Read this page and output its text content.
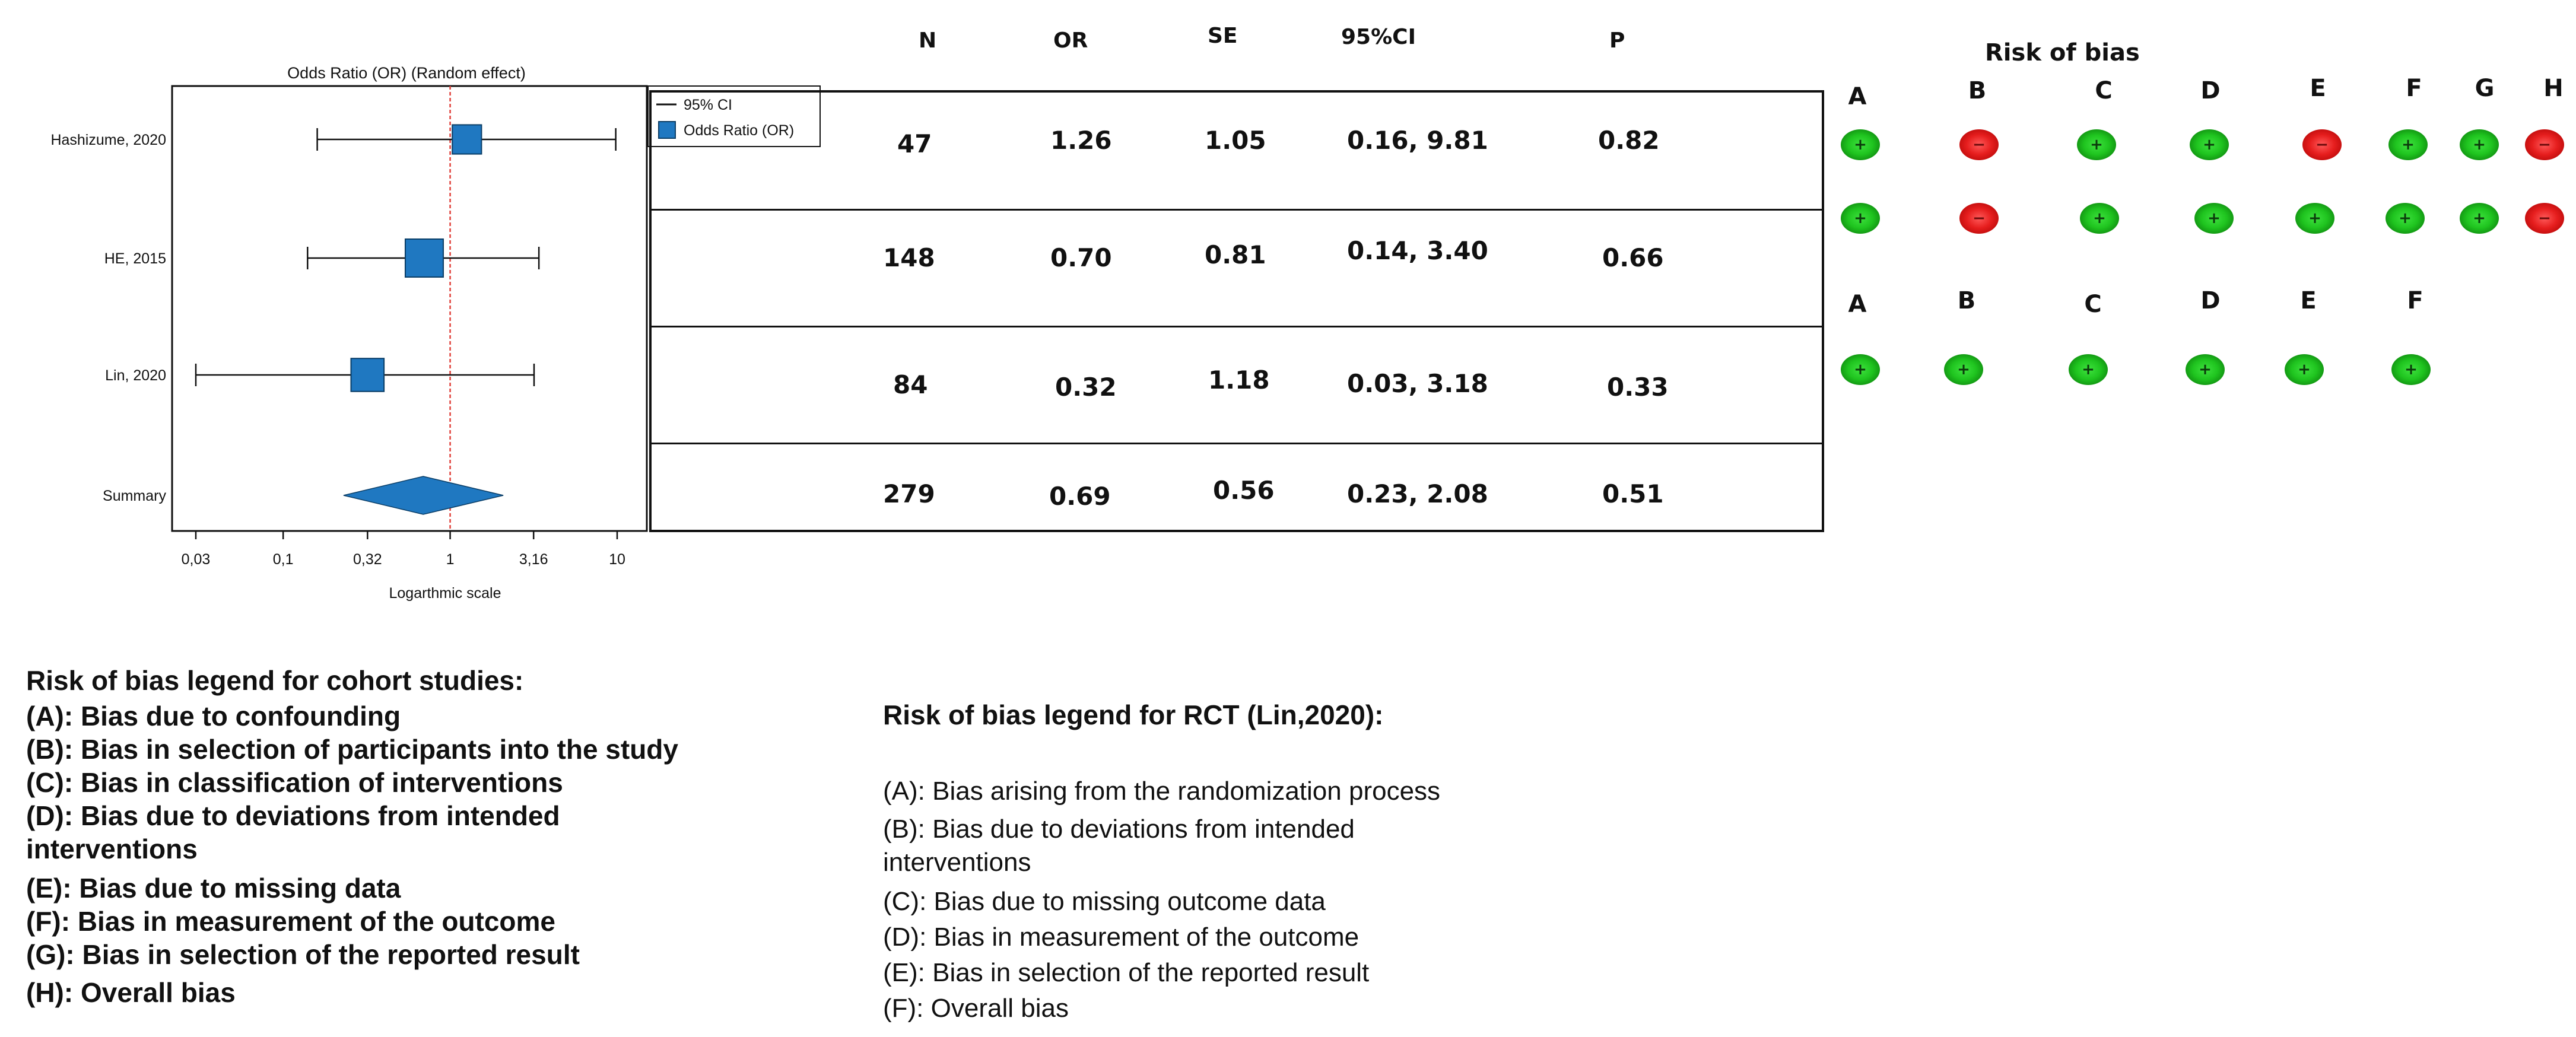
Odds Ratio (OR) (Random effect)
Hashizume, 2020
HE, 2015
Lin, 2020
Summary
0,03	0,1	0,32	1	3,16	10
Logarthmic scale
95% CI
Odds Ratio (OR)
N	OR	SE	95%CI	P
47	1.26	1.05	0.16, 9.81	0.82
148	0.70	0.81	0.14, 3.40	0.66
84	0.32	1.18	0.03, 3.18	0.33
279	0.69	0.56	0.23, 2.08	0.51
Risk of bias
A	B	C	D	E	F	G	H
A	B	C	D	E	F
+	−	+	+	−	+	+	−
+	−	+	+	+	+	+	−
+	+	+	+	+	+
Risk of bias legend for cohort studies:
(A): Bias due to confounding
(B): Bias in selection of participants into the study
(C): Bias in classification of interventions
(D): Bias due to deviations from intended
interventions
(E): Bias due to missing data
(F): Bias in measurement of the outcome
(G): Bias in selection of the reported result
(H): Overall bias
Risk of bias legend for RCT (Lin,2020):
(A): Bias arising from the randomization process
(B): Bias due to deviations from intended
interventions
(C): Bias due to missing outcome data
(D): Bias in measurement of the outcome
(E): Bias in selection of the reported result
(F): Overall bias
